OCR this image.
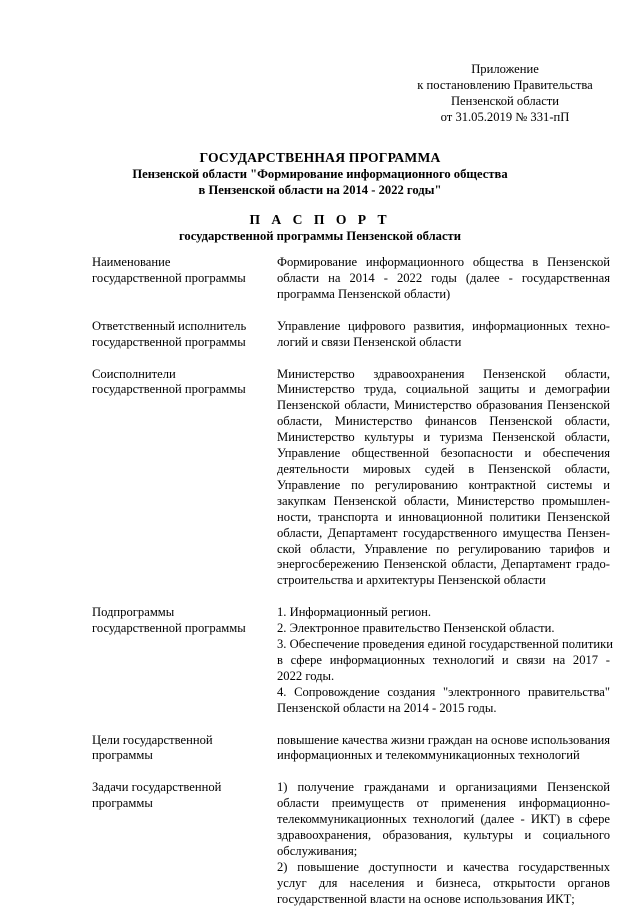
Приложение
к постановлению Правительства
Пензенской области
от 31.05.2019 № 331-пП
ГОСУДАРСТВЕННАЯ ПРОГРАММА
Пензенской области "Формирование информационного общества
в Пензенской области на 2014 - 2022 годы"
П А С П О Р Т
государственной программы Пензенской области
Наименование
государственной программы
Формирование информационного общества в Пензенской
области на 2014 - 2022 годы (далее - государственная
программа Пензенской области)
Ответственный исполнитель
государственной программы
Управление цифрового развития, информационных техно-
логий и связи Пензенской области
Соисполнители
государственной программы
Министерство здравоохранения Пензенской области,
Министерство труда, социальной защиты и демографии
Пензенской области, Министерство образования Пензенской
области, Министерство финансов Пензенской области,
Министерство культуры и туризма Пензенской области,
Управление общественной безопасности и обеспечения
деятельности мировых судей в Пензенской области,
Управление по регулированию контрактной системы и
закупкам Пензенской области, Министерство промышлен-
ности, транспорта и инновационной политики Пензенской
области, Департамент государственного имущества Пензен-
ской области, Управление по регулированию тарифов и
энергосбережению Пензенской области, Департамент градо-
строительства и архитектуры Пензенской области
Подпрограммы
государственной программы
1. Информационный регион.
2. Электронное правительство Пензенской области.
3. Обеспечение проведения единой государственной политики
в сфере информационных технологий и связи на 2017 -
2022 годы.
4. Сопровождение создания "электронного правительства"
Пензенской области на 2014 - 2015 годы.
Цели государственной
программы
повышение качества жизни граждан на основе использования
информационных и телекоммуникационных технологий
Задачи государственной
программы
1) получение гражданами и организациями Пензенской
области преимуществ от применения информационно-
телекоммуникационных технологий (далее - ИКТ) в сфере
здравоохранения, образования, культуры и социального
обслуживания;
2) повышение доступности и качества государственных
услуг для населения и бизнеса, открытости органов
государственной власти на основе использования ИКТ;
